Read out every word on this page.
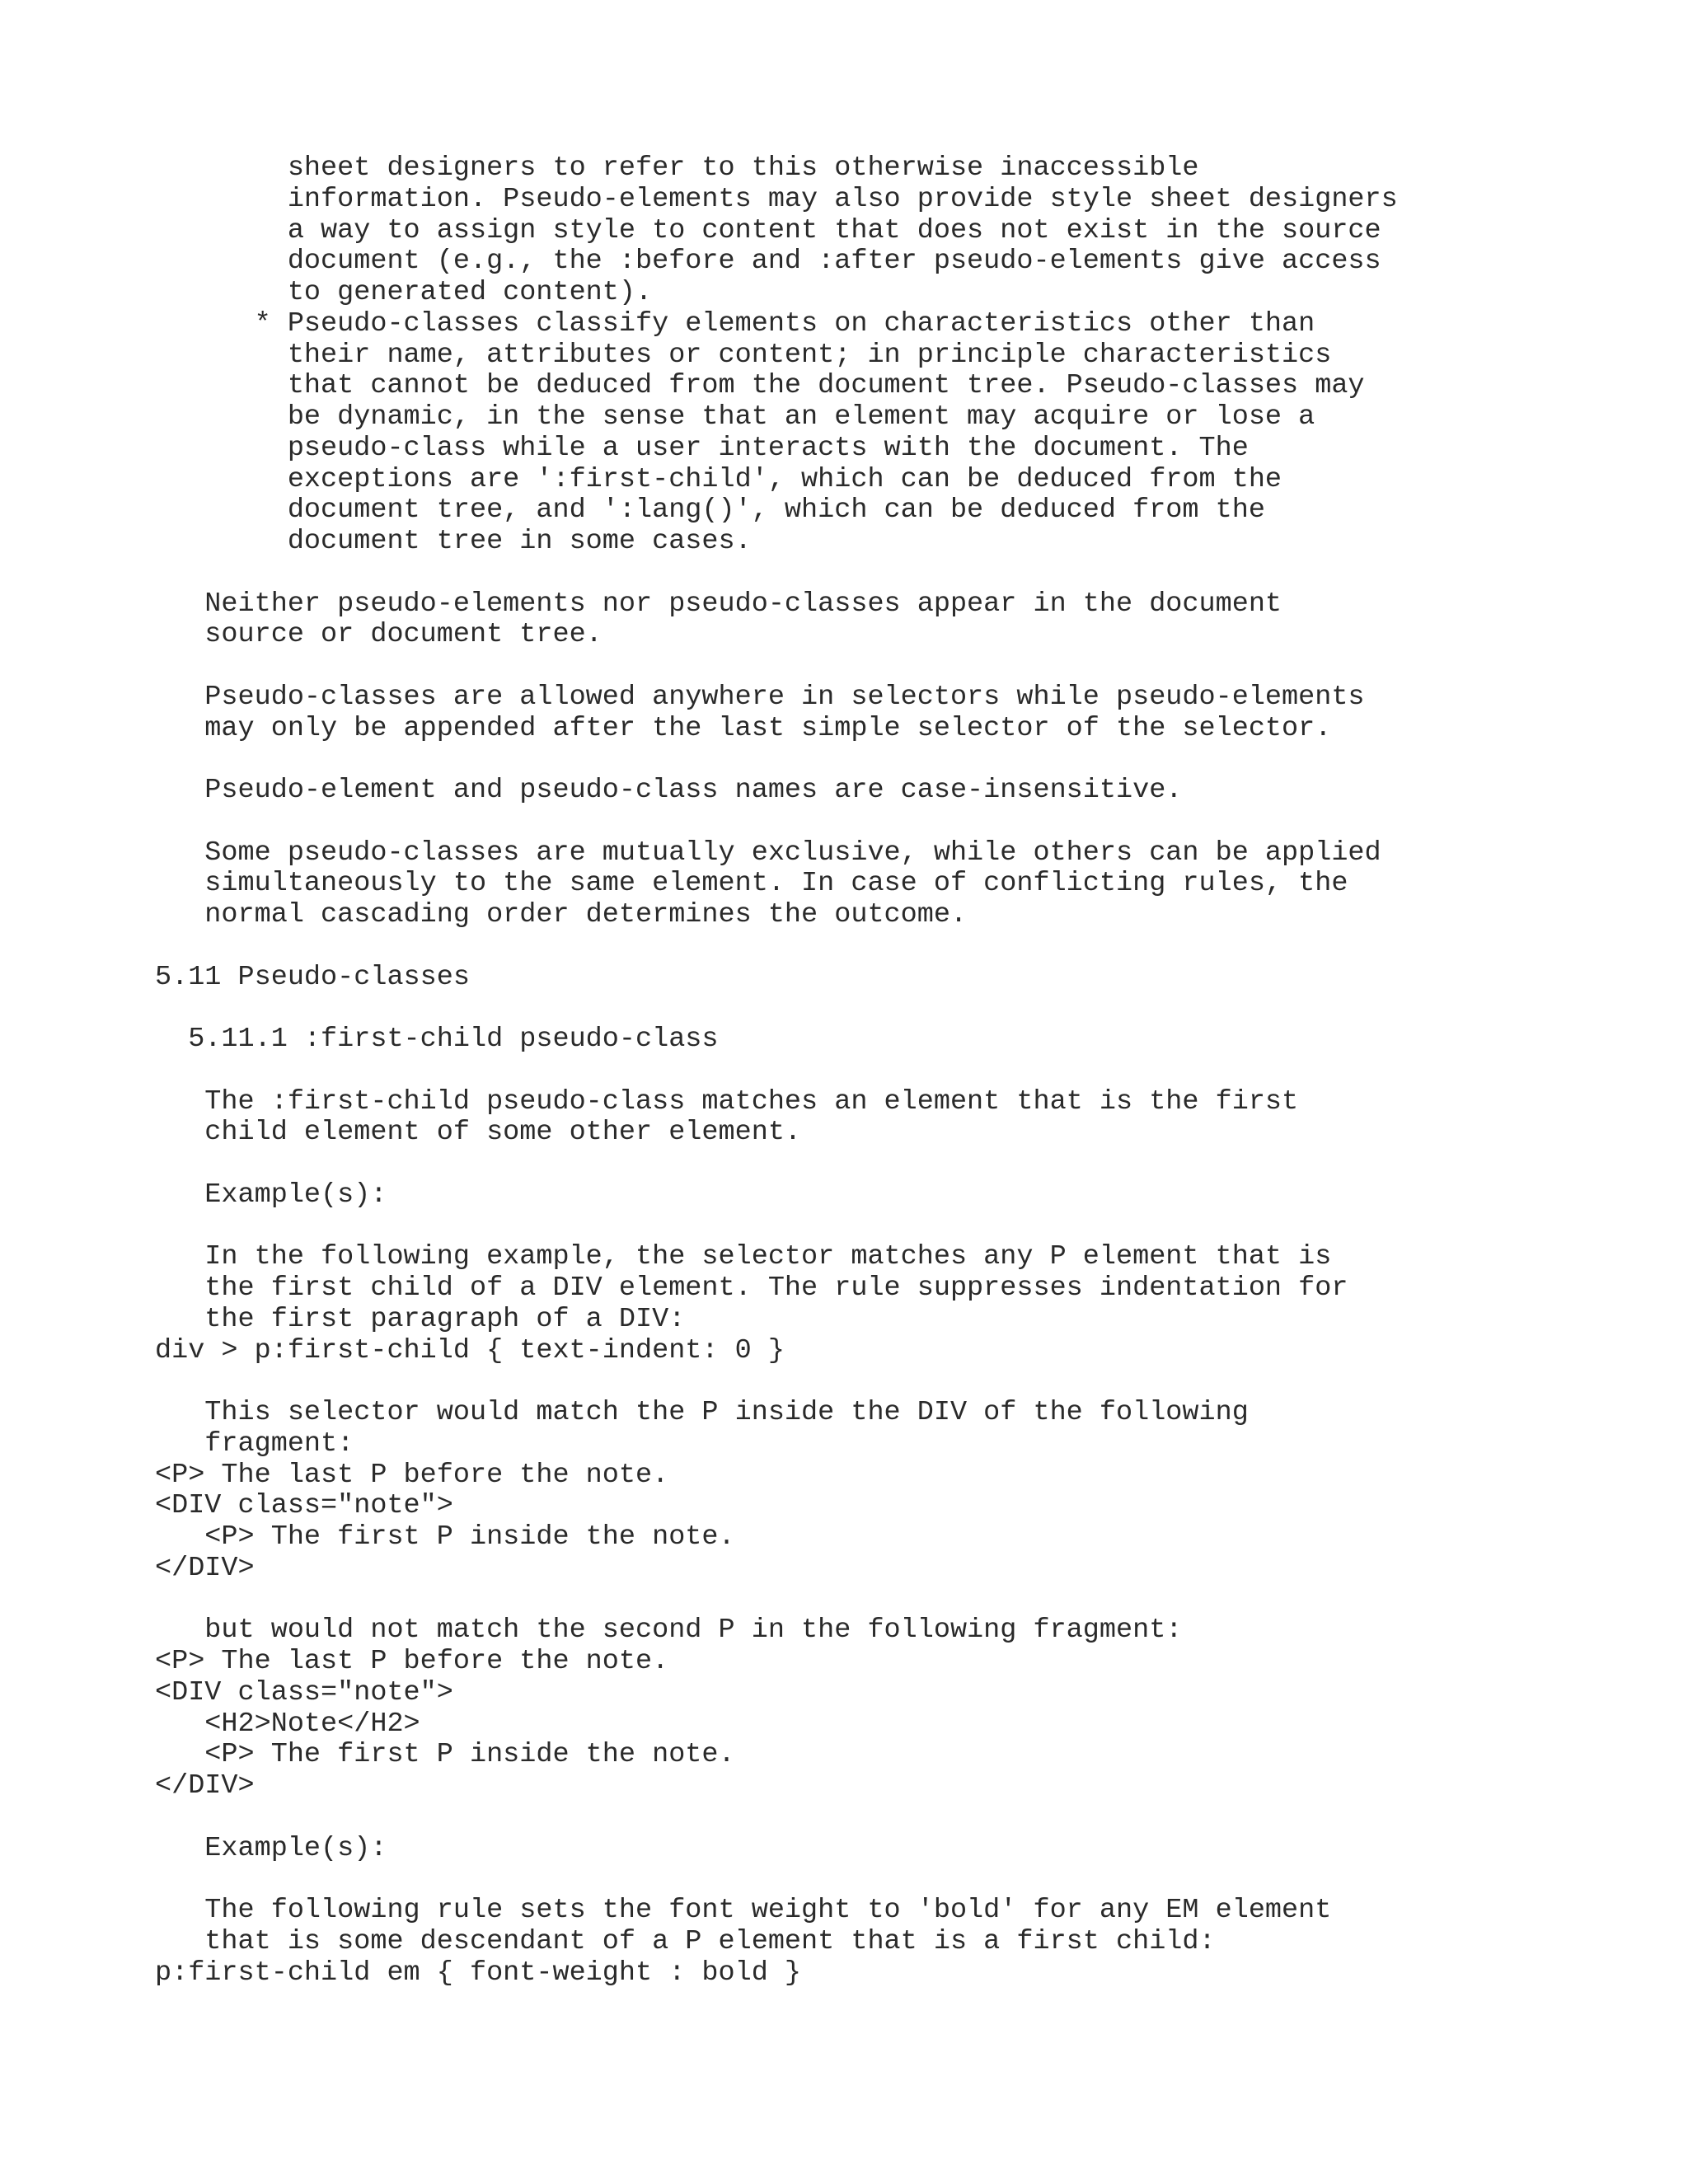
sheet designers to refer to this otherwise inaccessible
information. Pseudo-elements may also provide style sheet designers
a way to assign style to content that does not exist in the source
document (e.g., the :before and :after pseudo-elements give access
to generated content).
* Pseudo-classes classify elements on characteristics other than
their name, attributes or content; in principle characteristics
that cannot be deduced from the document tree. Pseudo-classes may
be dynamic, in the sense that an element may acquire or lose a
pseudo-class while a user interacts with the document. The
exceptions are ':first-child', which can be deduced from the
document tree, and ':lang()', which can be deduced from the
document tree in some cases.
Neither pseudo-elements nor pseudo-classes appear in the document
source or document tree.
Pseudo-classes are allowed anywhere in selectors while pseudo-elements
may only be appended after the last simple selector of the selector.
Pseudo-element and pseudo-class names are case-insensitive.
Some pseudo-classes are mutually exclusive, while others can be applied
simultaneously to the same element. In case of conflicting rules, the
normal cascading order determines the outcome.
5.11 Pseudo-classes
5.11.1 :first-child pseudo-class
The :first-child pseudo-class matches an element that is the first
child element of some other element.
Example(s):
In the following example, the selector matches any P element that is
the first child of a DIV element. The rule suppresses indentation for
the first paragraph of a DIV:
div > p:first-child { text-indent: 0 }
This selector would match the P inside the DIV of the following
fragment:
<P> The last P before the note.
<DIV class="note">
<P> The first P inside the note.
</DIV>
but would not match the second P in the following fragment:
<P> The last P before the note.
<DIV class="note">
<H2>Note</H2>
<P> The first P inside the note.
</DIV>
Example(s):
The following rule sets the font weight to 'bold' for any EM element
that is some descendant of a P element that is a first child:
p:first-child em { font-weight : bold }
